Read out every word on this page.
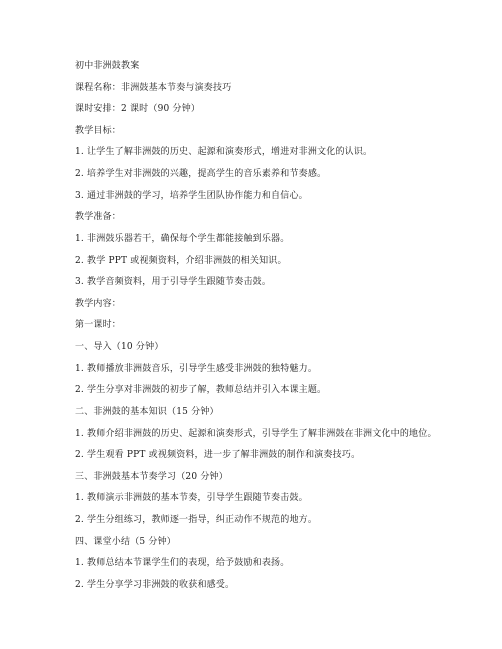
初中非洲鼓教案
课程名称：非洲鼓基本节奏与演奏技巧
课时安排：2 课时（90 分钟）
教学目标：
1. 让学生了解非洲鼓的历史、起源和演奏形式，增进对非洲文化的认识。
2. 培养学生对非洲鼓的兴趣，提高学生的音乐素养和节奏感。
3. 通过非洲鼓的学习，培养学生团队协作能力和自信心。
教学准备：
1. 非洲鼓乐器若干，确保每个学生都能接触到乐器。
2. 教学 PPT 或视频资料，介绍非洲鼓的相关知识。
3. 教学音频资料，用于引导学生跟随节奏击鼓。
教学内容：
第一课时：
一、导入（10 分钟）
1. 教师播放非洲鼓音乐，引导学生感受非洲鼓的独特魅力。
2. 学生分享对非洲鼓的初步了解，教师总结并引入本课主题。
二、非洲鼓的基本知识（15 分钟）
1. 教师介绍非洲鼓的历史、起源和演奏形式，引导学生了解非洲鼓在非洲文化中的地位。
2. 学生观看 PPT 或视频资料，进一步了解非洲鼓的制作和演奏技巧。
三、非洲鼓基本节奏学习（20 分钟）
1. 教师演示非洲鼓的基本节奏，引导学生跟随节奏击鼓。
2. 学生分组练习，教师逐一指导，纠正动作不规范的地方。
四、课堂小结（5 分钟）
1. 教师总结本节课学生们的表现，给予鼓励和表扬。
2. 学生分享学习非洲鼓的收获和感受。
